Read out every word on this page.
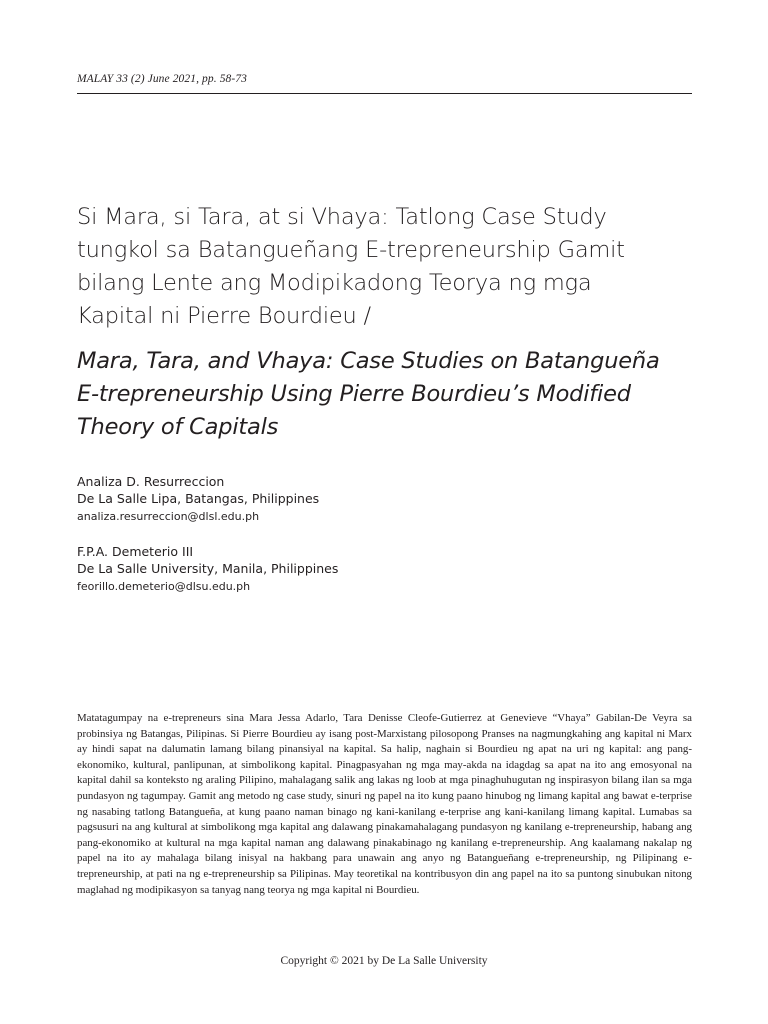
MALAY 33 (2) June 2021, pp. 58-73
Si Mara, si Tara, at si Vhaya: Tatlong Case Study
tungkol sa Batangueñang E-trepreneurship Gamit
bilang Lente ang Modipikadong Teorya ng mga
Kapital ni Pierre Bourdieu /
Mara, Tara, and Vhaya: Case Studies on Batangueña
E-trepreneurship Using Pierre Bourdieu’s Modified
Theory of Capitals
Analiza D. Resurreccion
De La Salle Lipa, Batangas, Philippines
analiza.resurreccion@dlsl.edu.ph
F.P.A. Demeterio III
De La Salle University, Manila, Philippines
feorillo.demeterio@dlsu.edu.ph

Matatagumpay na e-trepreneurs sina Mara Jessa Adarlo, Tara Denisse Cleofe-Gutierrez at Genevieve “Vhaya” Gabilan-De Veyra sa probinsiya ng Batangas, Pilipinas. Si Pierre Bourdieu ay isang post-Marxistang pilosopong Pranses na nagmungkahing ang kapital ni Marx ay hindi sapat na dalumatin lamang bilang pinansiyal na kapital. Sa halip, naghain si Bourdieu ng apat na uri ng kapital: ang pang-ekonomiko, kultural, panlipunan, at simbolikong kapital. Pinagpasyahan ng mga may-akda na idagdag sa apat na ito ang emosyonal na kapital dahil sa konteksto ng araling Pilipino, mahalagang salik ang lakas ng loob at mga pinaghuhugutan ng inspirasyon bilang ilan sa mga pundasyon ng tagumpay. Gamit ang metodo ng case study, sinuri ng papel na ito kung paano hinubog ng limang kapital ang bawat e-terprise ng nasabing tatlong Batangueña, at kung paano naman binago ng kani-kanilang e-terprise ang kani-kanilang limang kapital. Lumabas sa pagsusuri na ang kultural at simbolikong mga kapital ang dalawang pinakamahalagang pundasyon ng kanilang e-trepreneurship, habang ang pang-ekonomiko at kultural na mga kapital naman ang dalawang pinakabinago ng kanilang e-trepreneurship. Ang kaalamang nakalap ng papel na ito ay mahalaga bilang inisyal na hakbang para unawain ang anyo ng Batangueñang e-trepreneurship, ng Pilipinang e-trepreneurship, at pati na ng e-trepreneurship sa Pilipinas. May teoretikal na kontribusyon din ang papel na ito sa puntong sinubukan nitong maglahad ng modipikasyon sa tanyag nang teorya ng mga kapital ni Bourdieu.

Copyright © 2021 by De La Salle University
